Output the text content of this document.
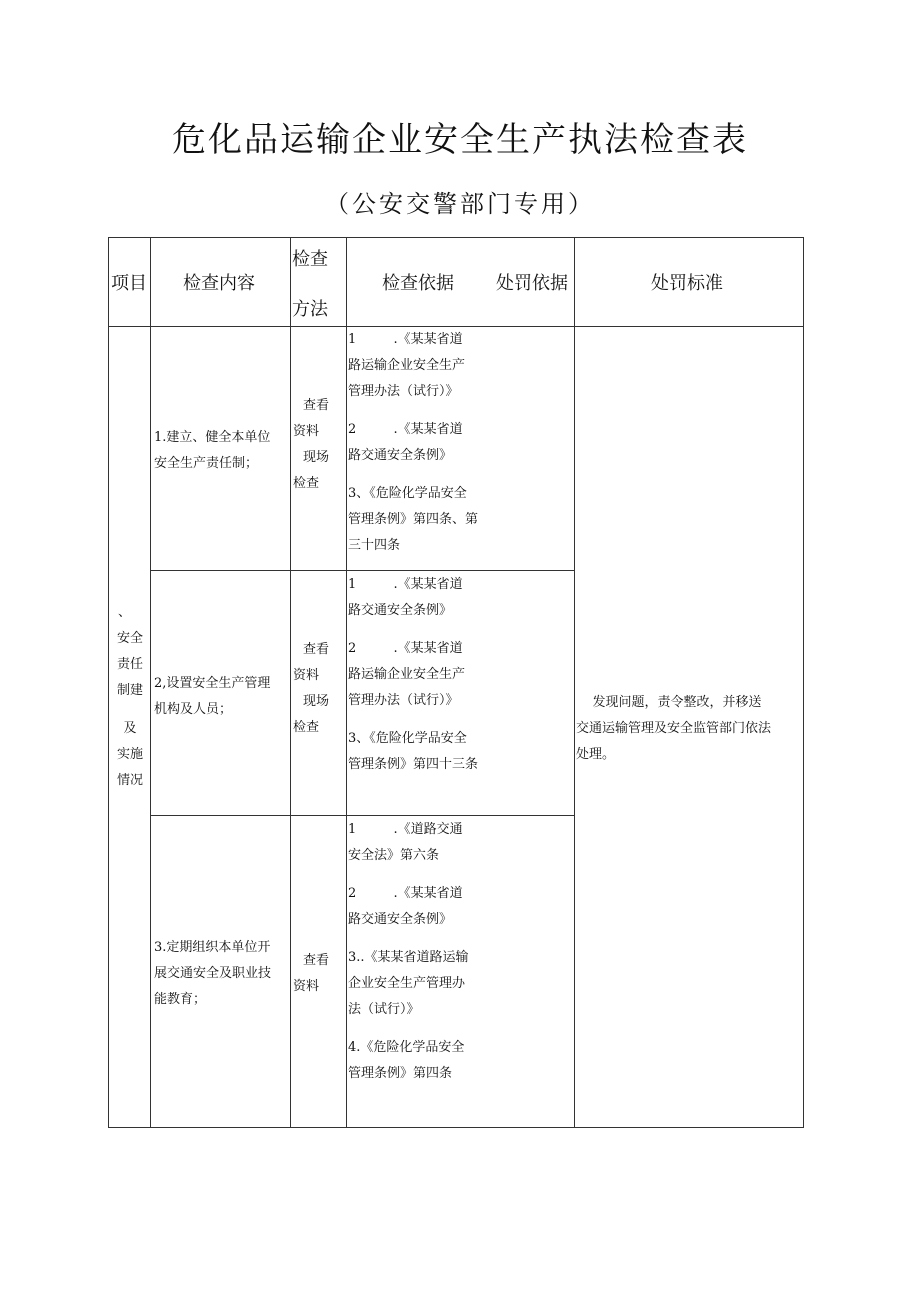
危化品运输企业安全生产执法检查表
（公安交警部门专用）
项目 检查内容
检查
方法
检查依据 处罚依据	处罚标准

、

安全

责任

制建

及

实施

情况

1.建立、健全本单位

安全生产责任制；

查看

资料

现场

检查

1         .《某某省道

路运输企业安全生产

管理办法（试行）》

2         .《某某省道

路交通安全条例》

3、《危险化学品安全

管理条例》第四条、第

三十四条

2,设置安全生产管理

机构及人员；

查看

资料

现场

检查

1         .《某某省道

路交通安全条例》

2         .《某某省道

路运输企业安全生产

管理办法（试行）》

3、《危险化学品安全

管理条例》第四十三条

3.定期组织本单位开

展交通安全及职业技

能教育；

查看

资料

1         .《道路交通

安全法》第六条

2         .《某某省道

路交通安全条例》

3..《某某省道路运输

企业安全生产管理办

法（试行）》

4.《危险化学品安全

管理条例》第四条

发现问题，责令整改，并移送

交通运输管理及安全监管部门依法

处理。
